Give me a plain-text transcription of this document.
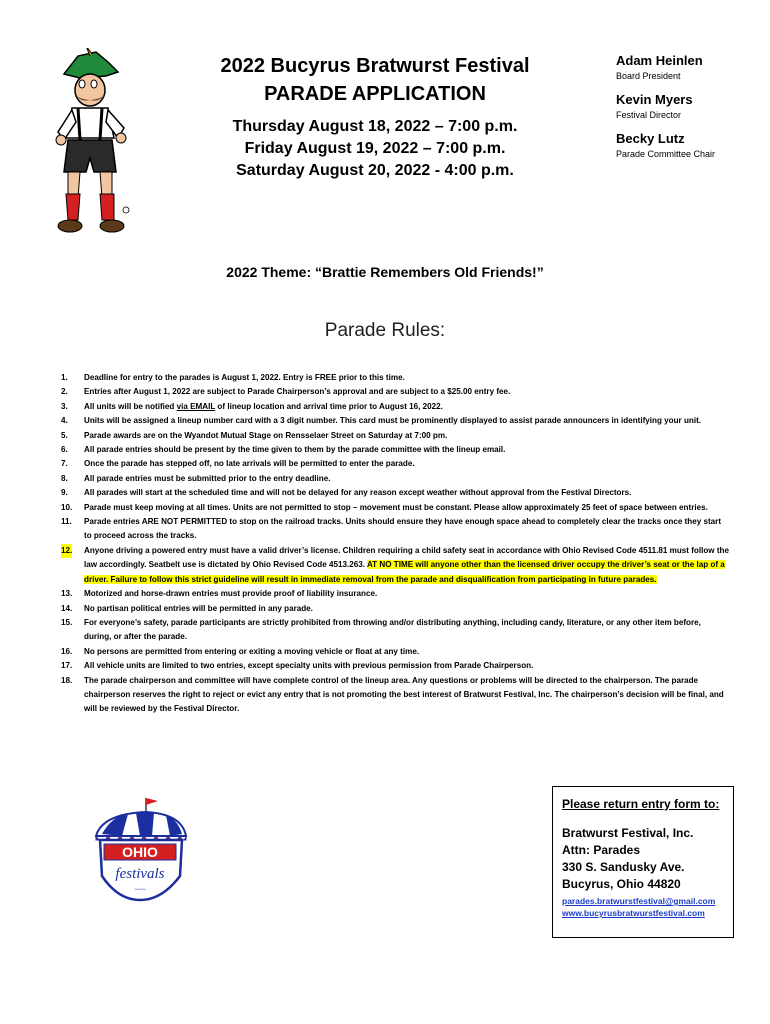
2022 Bucyrus Bratwurst Festival
PARADE APPLICATION
Thursday August 18, 2022 – 7:00 p.m.
Friday August 19, 2022 – 7:00 p.m.
Saturday August 20, 2022 - 4:00 p.m.
Adam Heinlen
Board President
Kevin Myers
Festival Director
Becky Lutz
Parade Committee Chair
2022 Theme: “Brattie Remembers Old Friends!”
Parade Rules:
1. Deadline for entry to the parades is August 1, 2022. Entry is FREE prior to this time.
2. Entries after August 1, 2022 are subject to Parade Chairperson’s approval and are subject to a $25.00 entry fee.
3. All units will be notified via EMAIL of lineup location and arrival time prior to August 16, 2022.
4. Units will be assigned a lineup number card with a 3 digit number. This card must be prominently displayed to assist parade announcers in identifying your unit.
5. Parade awards are on the Wyandot Mutual Stage on Rensselaer Street on Saturday at 7:00 pm.
6. All parade entries should be present by the time given to them by the parade committee with the lineup email.
7. Once the parade has stepped off, no late arrivals will be permitted to enter the parade.
8. All parade entries must be submitted prior to the entry deadline.
9. All parades will start at the scheduled time and will not be delayed for any reason except weather without approval from the Festival Directors.
10. Parade must keep moving at all times. Units are not permitted to stop – movement must be constant. Please allow approximately 25 feet of space between entries.
11. Parade entries ARE NOT PERMITTED to stop on the railroad tracks. Units should ensure they have enough space ahead to completely clear the tracks once they start to proceed across the tracks.
12. Anyone driving a powered entry must have a valid driver’s license. Children requiring a child safety seat in accordance with Ohio Revised Code 4511.81 must follow the law accordingly. Seatbelt use is dictated by Ohio Revised Code 4513.263. AT NO TIME will anyone other than the licensed driver occupy the driver’s seat or the lap of a driver. Failure to follow this strict guideline will result in immediate removal from the parade and disqualification from participating in future parades.
13. Motorized and horse-drawn entries must provide proof of liability insurance.
14. No partisan political entries will be permitted in any parade.
15. For everyone’s safety, parade participants are strictly prohibited from throwing and/or distributing anything, including candy, literature, or any other item before, during, or after the parade.
16. No persons are permitted from entering or exiting a moving vehicle or float at any time.
17. All vehicle units are limited to two entries, except specialty units with previous permission from Parade Chairperson.
18. The parade chairperson and committee will have complete control of the lineup area. Any questions or problems will be directed to the chairperson. The parade chairperson reserves the right to reject or evict any entry that is not promoting the best interest of Bratwurst Festival, Inc. The chairperson’s decision will be final, and will be reviewed by the Festival Director.
OHIO
festivals
~~~
Please return entry form to:
Bratwurst Festival, Inc.
Attn: Parades
330 S. Sandusky Ave.
Bucyrus, Ohio 44820
parades.bratwurstfestival@gmail.com
www.bucyrusbratwurstfestival.com
